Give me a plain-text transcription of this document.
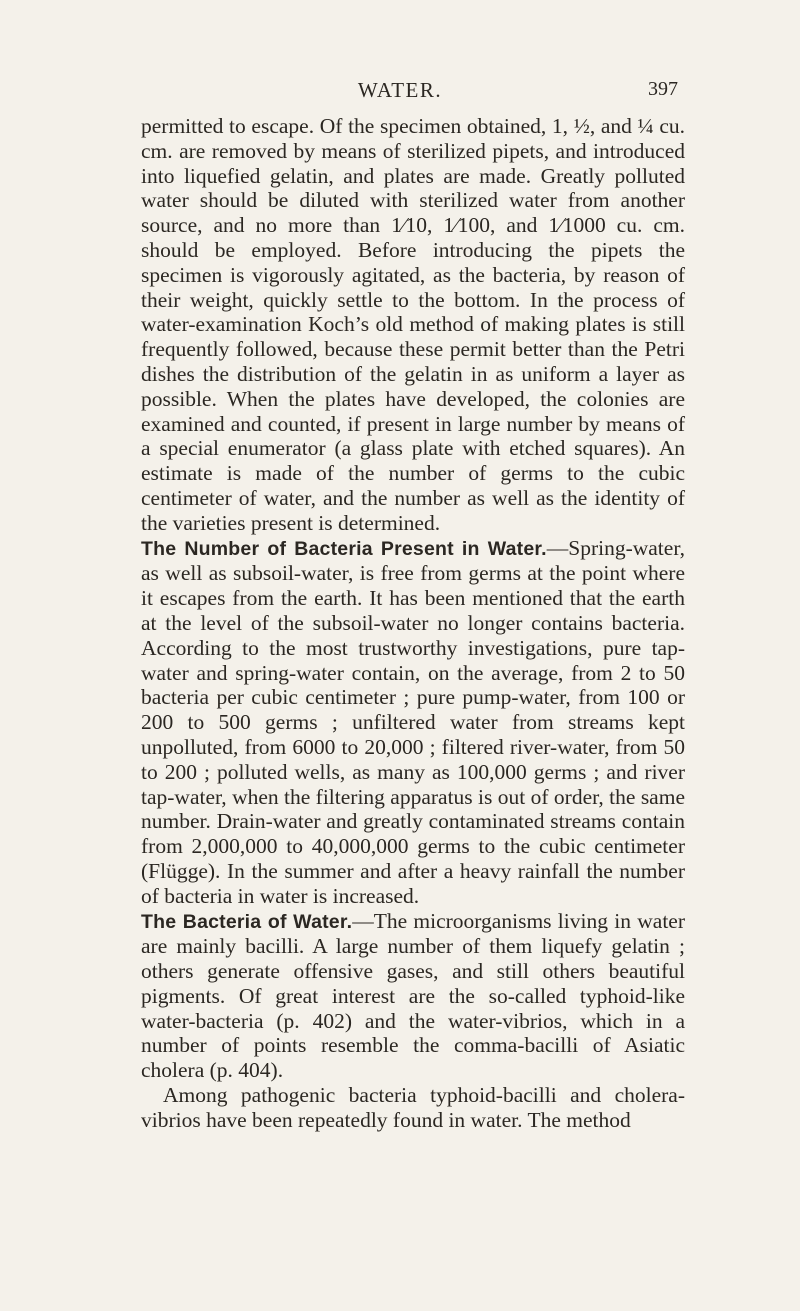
WATER.	397

permitted to escape. Of the specimen obtained, 1, ½, and ¼ cu. cm. are removed by means of sterilized pipets, and introduced into liquefied gelatin, and plates are made. Greatly polluted water should be diluted with sterilized water from another source, and no more than 1⁄10, 1⁄100, and 1⁄1000 cu. cm. should be employed. Before introducing the pipets the specimen is vigorously agitated, as the bacteria, by reason of their weight, quickly settle to the bottom. In the process of water-examination Koch’s old method of making plates is still frequently followed, because these permit better than the Petri dishes the distribution of the gelatin in as uniform a layer as possible. When the plates have developed, the colonies are examined and counted, if present in large number by means of a special enumerator (a glass plate with etched squares). An estimate is made of the number of germs to the cubic centimeter of water, and the number as well as the identity of the varieties present is determined.

The Number of Bacteria Present in Water.—Spring-water, as well as subsoil-water, is free from germs at the point where it escapes from the earth. It has been mentioned that the earth at the level of the subsoil-water no longer contains bacteria. According to the most trustworthy investigations, pure tap-water and spring-water contain, on the average, from 2 to 50 bacteria per cubic centimeter ; pure pump-water, from 100 or 200 to 500 germs ; unfiltered water from streams kept unpolluted, from 6000 to 20,000 ; filtered river-water, from 50 to 200 ; polluted wells, as many as 100,000 germs ; and river tap-water, when the filtering apparatus is out of order, the same number. Drain-water and greatly contaminated streams contain from 2,000,000 to 40,000,000 germs to the cubic centimeter (Flügge). In the summer and after a heavy rainfall the number of bacteria in water is increased.

The Bacteria of Water.—The microorganisms living in water are mainly bacilli. A large number of them liquefy gelatin ; others generate offensive gases, and still others beautiful pigments. Of great interest are the so-called typhoid-like water-bacteria (p. 402) and the water-vibrios, which in a number of points resemble the comma-bacilli of Asiatic cholera (p. 404).

Among pathogenic bacteria typhoid-bacilli and cholera-vibrios have been repeatedly found in water. The method
